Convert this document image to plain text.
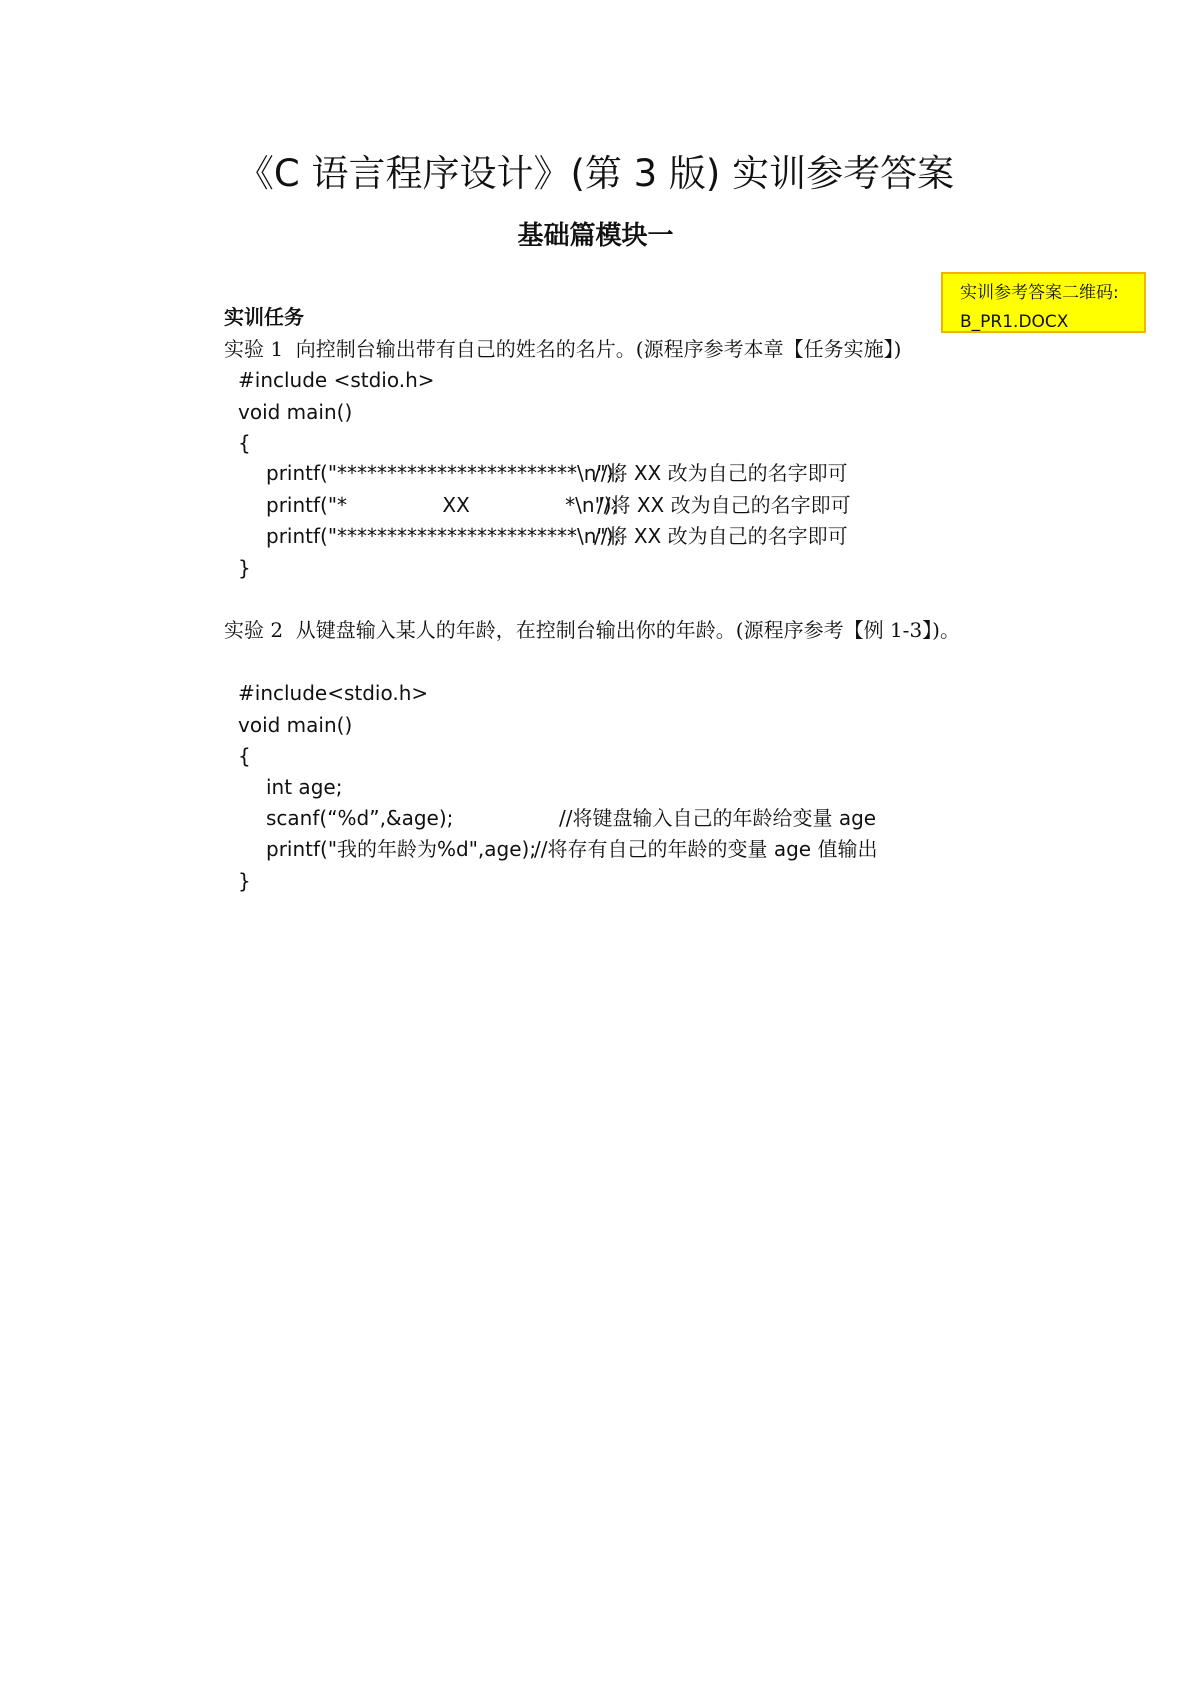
《C 语言程序设计》(第 3 版) 实训参考答案
基础篇模块一
实训参考答案二维码:
B_PR1.DOCX
实训任务
实验 1  向控制台输出带有自己的姓名的名片。(源程序参考本章【任务实施】)
#include <stdio.h>
void main()
{
printf("************************\n");
//将 XX 改为自己的名字即可
printf("*               XX               *\n");
//将 XX 改为自己的名字即可
printf("************************\n");
//将 XX 改为自己的名字即可
}
实验 2  从键盘输入某人的年龄，在控制台输出你的年龄。(源程序参考【例 1-3】)。
#include<stdio.h>
void main()
{
int age;
scanf(“%d”,&age);	//将键盘输入自己的年龄给变量 age
printf("我的年龄为%d",age);
//将存有自己的年龄的变量 age 值输出
}
